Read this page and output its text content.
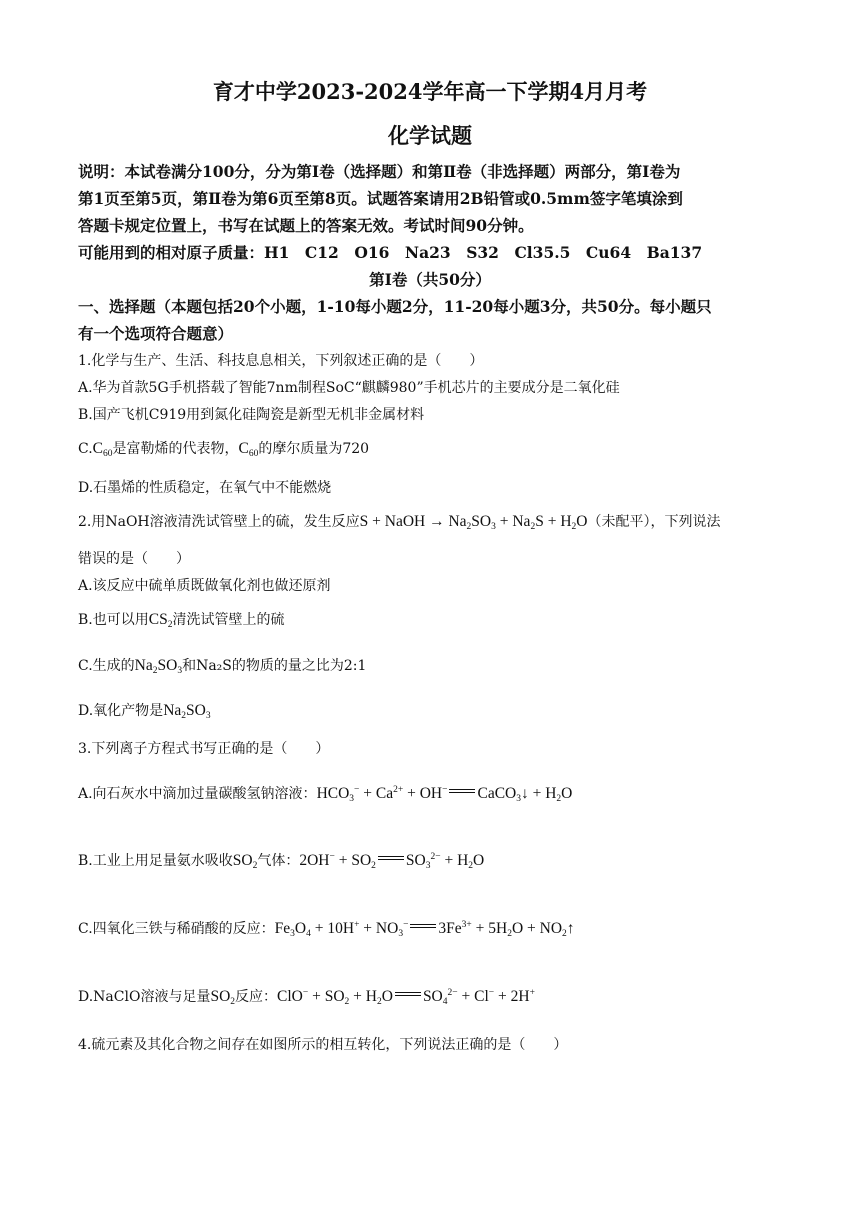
育才中学2023-2024学年高一下学期4月月考
化学试题
说明：本试卷满分100分，分为第Ⅰ卷（选择题）和第Ⅱ卷（非选择题）两部分，第Ⅰ卷为
第1页至第5页，第Ⅱ卷为第6页至第8页。试题答案请用2B铅管或0.5mm签字笔填涂到
答题卡规定位置上，书写在试题上的答案无效。考试时间90分钟。
可能用到的相对原子质量：H1　C12　O16　Na23　S32　Cl35.5　Cu64　Ba137
第Ⅰ卷（共50分）
一、选择题（本题包括20个小题，1-10每小题2分，11-20每小题3分，共50分。每小题只
有一个选项符合题意）
1.化学与生产、生活、科技息息相关，下列叙述正确的是（　　）
A.华为首款5G手机搭载了智能7nm制程SoC“麒麟980”手机芯片的主要成分是二氧化硅
B.国产飞机C919用到氮化硅陶瓷是新型无机非金属材料
$C.C_{60}$是富勒烯的代表物，$C_{60}$的摩尔质量为720
D.石墨烯的性质稳定，在氧气中不能燃烧
2.用NaOH溶液清洗试管壁上的硫，发生反应S + NaOH → $Na_2SO_3 + Na_2S + H_2O$（未配平），下列说法
错误的是（　　）
A.该反应中硫单质既做氧化剂也做还原剂
B.也可以用$CS_2$清洗试管壁上的硫
C.生成的$Na_2SO_3$和Na₂S的物质的量之比为2:1
D.氧化产物是$Na_2SO_3$
3.下列离子方程式书写正确的是（　　）
A.向石灰水中滴加过量碳酸氢钠溶液：$HCO_3^- + Ca^{2+} + OH^-$ CaCO$_3$↓ + $H_2O$
B.工业上用足量氨水吸收$SO_2$气体：$2OH^- + SO_2$ $SO_3^{2-} + H_2O$
C.四氧化三铁与稀硝酸的反应：$Fe_3O_4 + 10H^+ + NO_3^-$ $3Fe^{3+} + 5H_2O$ + $NO_2↑$
D.NaClO溶液与足量$SO_2$反应：$ClO^- + SO_2 + H_2O$ $SO_4^{2-} + Cl^- + 2H^+$
4.硫元素及其化合物之间存在如图所示的相互转化，下列说法正确的是（　　）
